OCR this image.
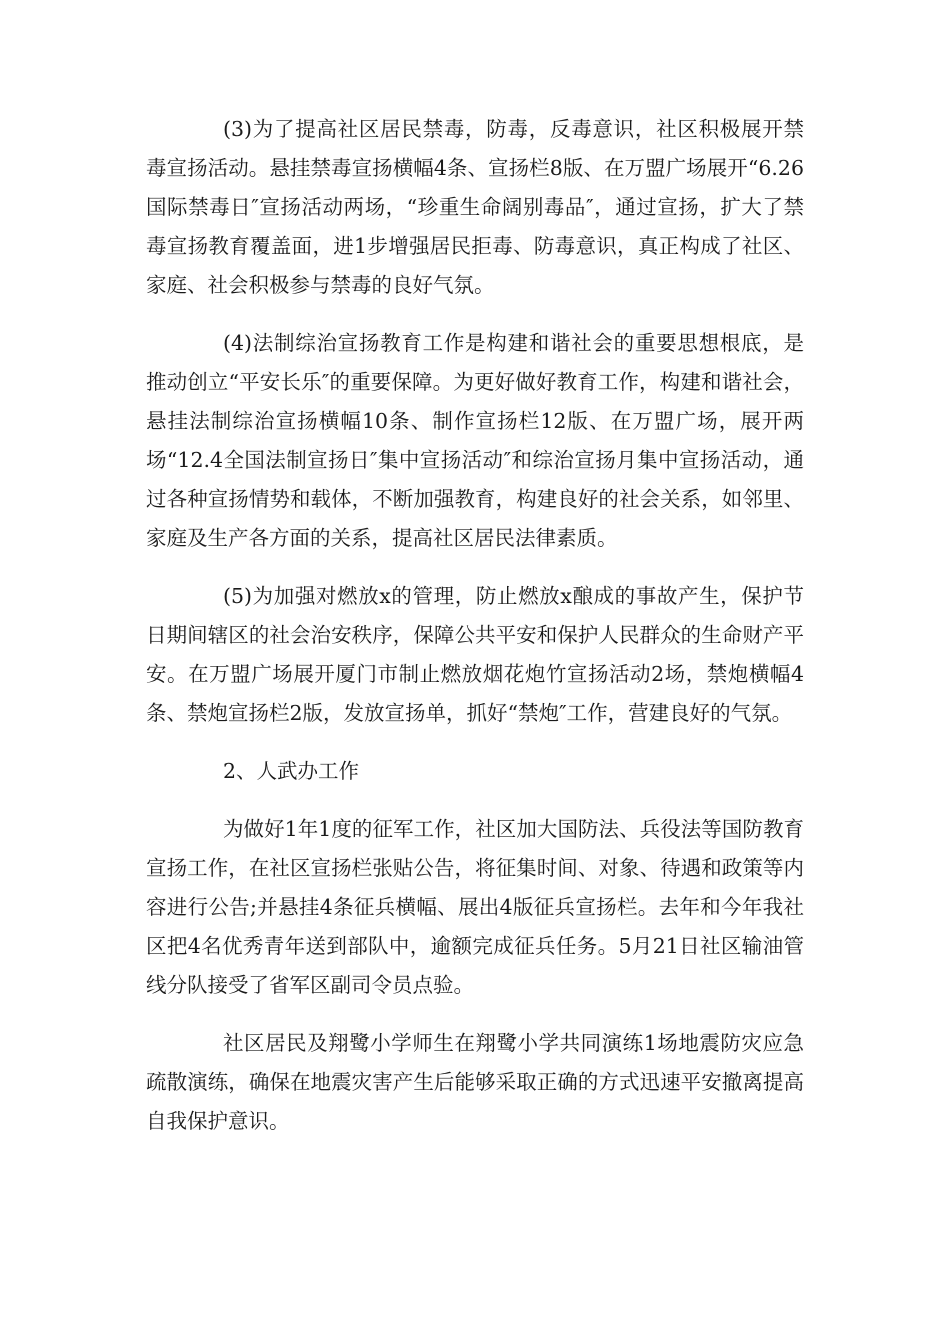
(3)为了提高社区居民禁毒，防毒，反毒意识，社区积极展开禁毒宣扬活动。悬挂禁毒宣扬横幅4条、宣扬栏8版、在万盟广场展开“6.26国际禁毒日″宣扬活动两场，“珍重生命阔别毒品″，通过宣扬，扩大了禁毒宣扬教育覆盖面，进1步增强居民拒毒、防毒意识，真正构成了社区、家庭、社会积极参与禁毒的良好气氛。

(4)法制综治宣扬教育工作是构建和谐社会的重要思想根底，是推动创立“平安长乐″的重要保障。为更好做好教育工作，构建和谐社会，悬挂法制综治宣扬横幅10条、制作宣扬栏12版、在万盟广场，展开两场“12.4全国法制宣扬日″集中宣扬活动″和综治宣扬月集中宣扬活动，通过各种宣扬情势和载体，不断加强教育，构建良好的社会关系，如邻里、家庭及生产各方面的关系，提高社区居民法律素质。

(5)为加强对燃放x的管理，防止燃放x酿成的事故产生，保护节日期间辖区的社会治安秩序，保障公共平安和保护人民群众的生命财产平安。在万盟广场展开厦门市制止燃放烟花炮竹宣扬活动2场，禁炮横幅4条、禁炮宣扬栏2版，发放宣扬单，抓好“禁炮″工作，营建良好的气氛。

2、人武办工作

为做好1年1度的征军工作，社区加大国防法、兵役法等国防教育宣扬工作，在社区宣扬栏张贴公告，将征集时间、对象、待遇和政策等内容进行公告;并悬挂4条征兵横幅、展出4版征兵宣扬栏。去年和今年我社区把4名优秀青年送到部队中，逾额完成征兵任务。5月21日社区输油管线分队接受了省军区副司令员点验。

社区居民及翔鹭小学师生在翔鹭小学共同演练1场地震防灾应急疏散演练，确保在地震灾害产生后能够采取正确的方式迅速平安撤离提高自我保护意识。
